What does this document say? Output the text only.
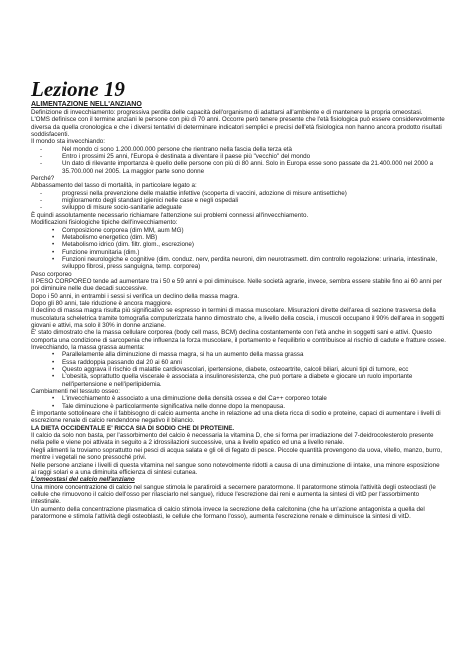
Lezione 19
ALIMENTAZIONE NELL'ANZIANO

Definizione di invecchiamento: progressiva perdita delle capacità dell'organismo di adattarsi all'ambiente e di mantenere la propria omeostasi.

L'OMS definisce con il termine anziani le persone con più di 70 anni. Occorre però tenere presente che l'età fisiologica può essere considerevolmente diversa da quella cronologica e che i diversi tentativi di determinare indicatori semplici e precisi dell'età fisiologica non hanno ancora prodotto risultati soddisfacenti.

Il mondo sta invecchiando:

- Nel mondo ci sono 1.200.000.000 persone che rientrano nella fascia della terza età
- Entro i prossimi 25 anni, l'Europa è destinata a diventare il paese più "vecchio" del mondo
- Un dato di rilevante importanza è quello delle persone con più di 80 anni. Solo in Europa esse sono passate da 21.400.000 nel 2000 a 35.700.000 nel 2005. La maggior parte sono donne

Perché?

Abbassamento del tasso di mortalità, in particolare legato a:

- progressi nella prevenzione delle malattie infettive (scoperta di vaccini, adozione di misure antisettiche)
- miglioramento degli standard igienici nelle case e negli ospedali
- sviluppo di misure socio-sanitarie adeguate

È quindi assolutamente necessario richiamare l'attenzione sui problemi connessi all'invecchiamento.

Modificazioni fisiologiche tipiche dell'invecchiamento:

• Composizione corporea (dim MM, aum MG)
• Metabolismo energetico (dim. MB)
• Metabolismo idrico (dim. filtr. glom., escrezione)
• Funzione immunitaria (dim.)
• Funzioni neurologiche e cognitive (dim. conduz. nerv, perdita neuroni, dim neurotrasmett. dim controllo regolazione: urinaria, intestinale, sviluppo fibrosi, press sanguigna, temp. corporea)

Peso corporeo

Il PESO CORPOREO tende ad aumentare tra i 50 e 59 anni e poi diminuisce. Nelle società agrarie, invece, sembra essere stabile fino ai 60 anni per poi diminuire nelle due decadi successive.

Dopo i 50 anni, in entrambi i sessi si verifica un declino della massa magra.

Dopo gli 80 anni, tale riduzione è ancora maggiore.

Il declino di massa magra risulta più significativo se espresso in termini di massa muscolare. Misurazioni dirette dell'area di sezione trasversa della muscolatura scheletrica tramite tomografia computerizzata hanno dimostrato che, a livello della coscia, i muscoli occupano il 90% dell'area in soggetti giovani e attivi, ma solo il 30% in donne anziane.

E' stato dimostrato che la massa cellulare corporea (body cell mass, BCM) declina costantemente con l'età anche in soggetti sani e attivi. Questo comporta una condizione di sarcopenia che influenza la forza muscolare, il portamento e l'equilibrio e contribuisce al rischio di cadute e fratture ossee.

Invecchiando, la massa grassa aumenta:

• Parallelamente alla diminuzione di massa magra, si ha un aumento della massa grassa
• Essa raddoppia passando dal 20 ai 60 anni
• Questo aggrava il rischio di malattie cardiovascolari, ipertensione, diabete, osteoartrite, calcoli biliari, alcuni tipi di tumore, ecc
• L'obesità, soprattutto quella viscerale è associata a insulinoresistenza, che può portare a diabete e giocare un ruolo importante nell'ipertensione e nell'iperlipidemia.

Cambiamenti nel tessuto osseo:

• L'invecchiamento è associato a una diminuzione della densità ossea e del Ca++ corporeo totale
• Tale diminuzione è particolarmente significativa nelle donne dopo la menopausa.

È importante sottolineare che il fabbisogno di calcio aumenta anche in relazione ad una dieta ricca di sodio e proteine, capaci di aumentare i livelli di escrezione renale di calcio rendendone negativo il bilancio.

LA DIETA OCCIDENTALE E' RICCA SIA DI SODIO CHE DI PROTEINE.

Il calcio da solo non basta, per l'assorbimento del calcio è necessaria la vitamina D, che si forma per irradiazione del 7-deidrocolesterolo presente nella pelle e viene poi attivata in seguito a 2 idrossilazioni successive, una a livello epatico ed una a livello renale.

Negli alimenti la troviamo soprattutto nei pesci di acqua salata e gli oli di fegato di pesce. Piccole quantità provengono da uova, vitello, manzo, burro, mentre i vegetali ne sono pressoché privi.

Nelle persone anziane i livelli di questa vitamina nel sangue sono notevolmente ridotti a causa di una diminuzione di intake, una minore esposizione ai raggi solari e a una diminuita efficienza di sintesi cutanea.

L'omeostasi del calcio nell'anziano

Una minore concentrazione di calcio nel sangue stimola le paratiroidi a secernere paratormone. Il paratormone stimola l'attività degli osteoclasti (le cellule che rimuovono il calcio dell'osso per rilasciarlo nel sangue), riduce l'escrezione dai reni e aumenta la sintesi di vitD per l'assorbimento intestinale.

Un aumento della concentrazione plasmatica di calcio stimola invece la secrezione della calcitonina (che ha un'azione antagonista a quella del paratormone e stimola l'attività degli osteoblasti, le cellule che formano l'osso), aumenta l'escrezione renale e diminuisce la sintesi di vitD.
